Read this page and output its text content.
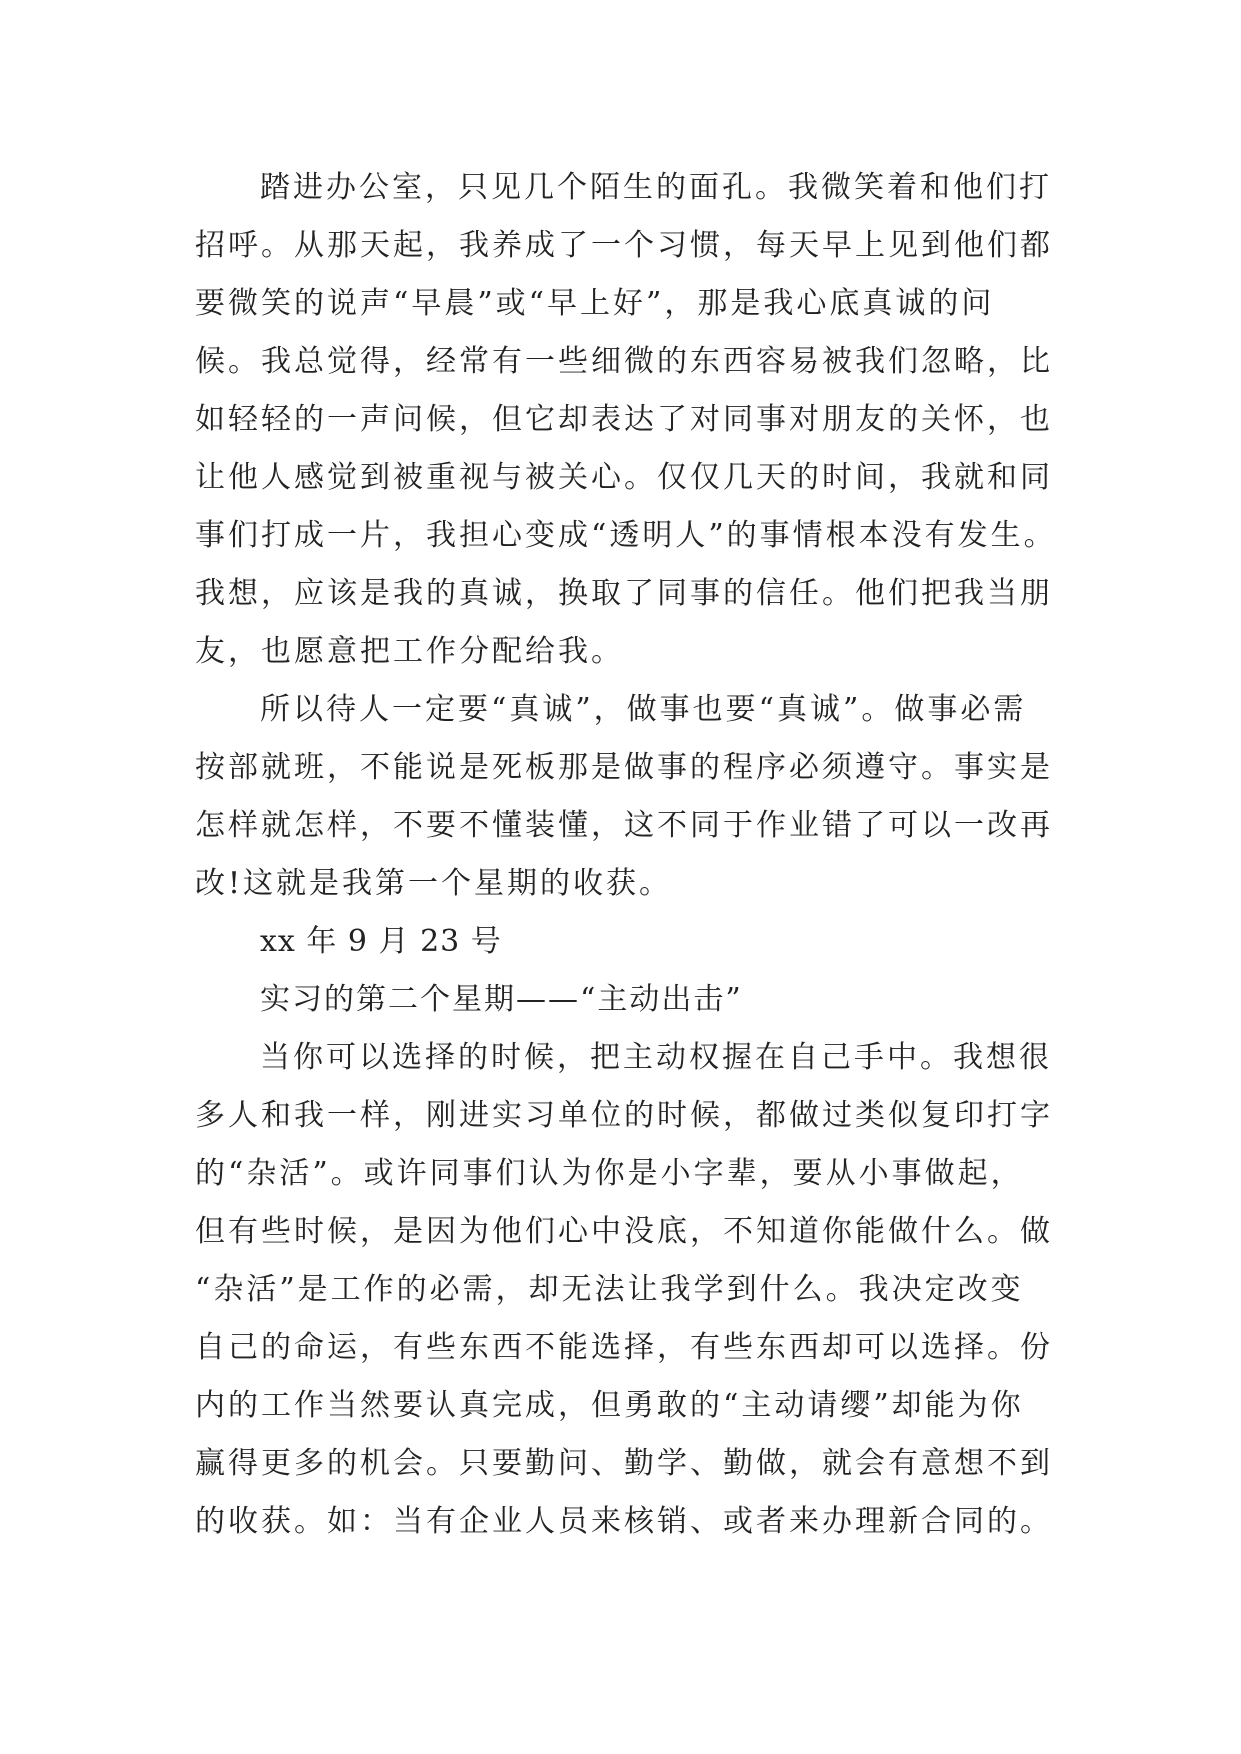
踏进办公室，只见几个陌生的面孔。我微笑着和他们打
招呼。从那天起，我养成了一个习惯，每天早上见到他们都
要微笑的说声“早晨”或“早上好”，那是我心底真诚的问
候。我总觉得，经常有一些细微的东西容易被我们忽略，比
如轻轻的一声问候，但它却表达了对同事对朋友的关怀，也
让他人感觉到被重视与被关心。仅仅几天的时间，我就和同
事们打成一片，我担心变成“透明人”的事情根本没有发生。
我想，应该是我的真诚，换取了同事的信任。他们把我当朋
友，也愿意把工作分配给我。
所以待人一定要“真诚”，做事也要“真诚”。做事必需
按部就班，不能说是死板那是做事的程序必须遵守。事实是
怎样就怎样，不要不懂装懂，这不同于作业错了可以一改再
改!这就是我第一个星期的收获。
xx 年 9 月 23 号
实习的第二个星期——“主动出击”
当你可以选择的时候，把主动权握在自己手中。我想很
多人和我一样，刚进实习单位的时候，都做过类似复印打字
的“杂活”。或许同事们认为你是小字辈，要从小事做起，
但有些时候，是因为他们心中没底，不知道你能做什么。做
“杂活”是工作的必需，却无法让我学到什么。我决定改变
自己的命运，有些东西不能选择，有些东西却可以选择。份
内的工作当然要认真完成，但勇敢的“主动请缨”却能为你
赢得更多的机会。只要勤问、勤学、勤做，就会有意想不到
的收获。如：当有企业人员来核销、或者来办理新合同的。
